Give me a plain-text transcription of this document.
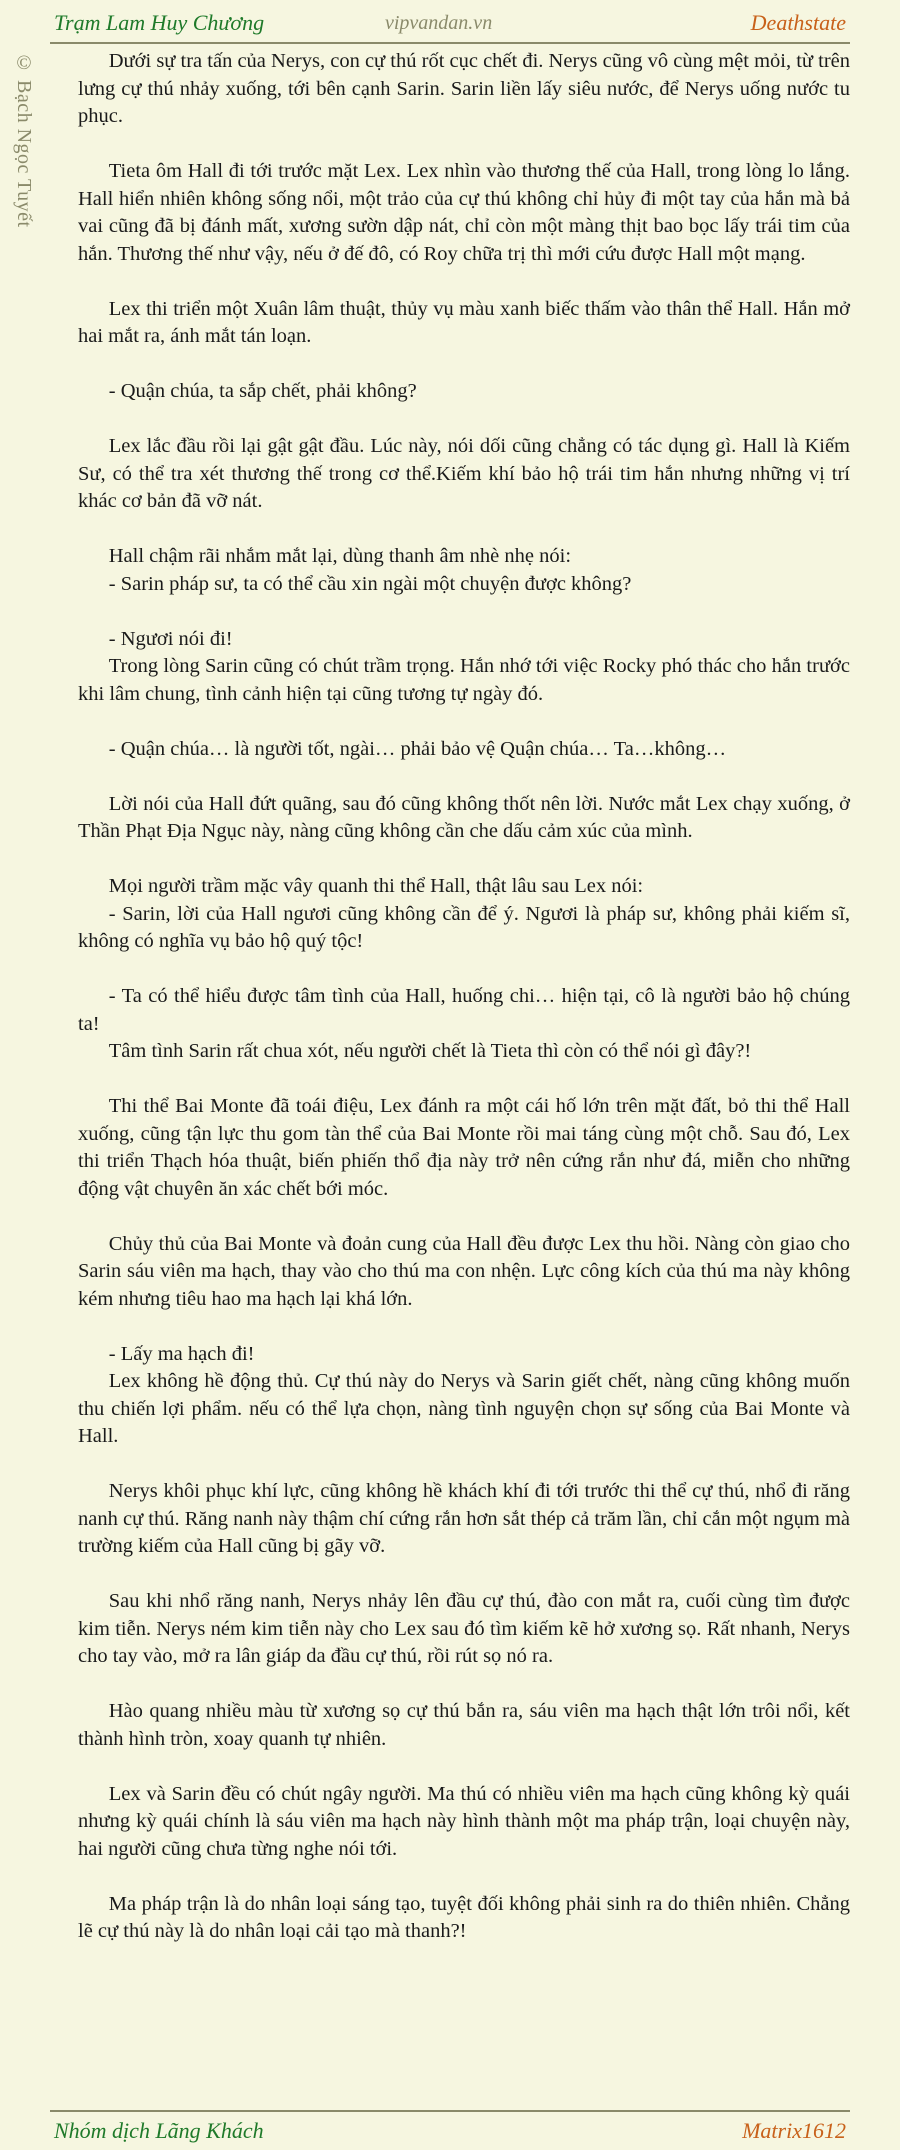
Trạm Lam Huy Chương	vipvandan.vn	Deathstate
© Bạch Ngọc Tuyết	Dưới sự tra tấn của Nerys, con cự thú rốt cục chết đi. Nerys cũng vô cùng mệt mỏi, từ trên lưng cự thú nhảy xuống, tới bên cạnh Sarin. Sarin liền lấy siêu nước, để Nerys uống nước tu phục.

Tieta ôm Hall đi tới trước mặt Lex. Lex nhìn vào thương thế của Hall, trong lòng lo lắng. Hall hiển nhiên không sống nổi, một trảo của cự thú không chỉ hủy đi một tay của hắn mà bả vai cũng đã bị đánh mất, xương sườn dập nát, chỉ còn một màng thịt bao bọc lấy trái tim của hắn. Thương thế như vậy, nếu ở đế đô, có Roy chữa trị thì mới cứu được Hall một mạng.

Lex thi triển một Xuân lâm thuật, thủy vụ màu xanh biếc thấm vào thân thể Hall. Hắn mở hai mắt ra, ánh mắt tán loạn.

- Quận chúa, ta sắp chết, phải không?

Lex lắc đầu rồi lại gật gật đầu. Lúc này, nói dối cũng chẳng có tác dụng gì. Hall là Kiếm Sư, có thể tra xét thương thế trong cơ thể.Kiếm khí bảo hộ trái tim hắn nhưng những vị trí khác cơ bản đã vỡ nát.

Hall chậm rãi nhắm mắt lại, dùng thanh âm nhè nhẹ nói:

- Sarin pháp sư, ta có thể cầu xin ngài một chuyện được không?

- Ngươi nói đi!

Trong lòng Sarin cũng có chút trầm trọng. Hắn nhớ tới việc Rocky phó thác cho hắn trước khi lâm chung, tình cảnh hiện tại cũng tương tự ngày đó.

- Quận chúa… là người tốt, ngài… phải bảo vệ Quận chúa… Ta…không…

Lời nói của Hall đứt quãng, sau đó cũng không thốt nên lời. Nước mắt Lex chạy xuống, ở Thần Phạt Địa Ngục này, nàng cũng không cần che dấu cảm xúc của mình.

Mọi người trầm mặc vây quanh thi thể Hall, thật lâu sau Lex nói:

- Sarin, lời của Hall ngươi cũng không cần để ý. Ngươi là pháp sư, không phải kiếm sĩ, không có nghĩa vụ bảo hộ quý tộc!

- Ta có thể hiểu được tâm tình của Hall, huống chi… hiện tại, cô là người bảo hộ chúng ta!

Tâm tình Sarin rất chua xót, nếu người chết là Tieta thì còn có thể nói gì đây?!

Thi thể Bai Monte đã toái điệu, Lex đánh ra một cái hố lớn trên mặt đất, bỏ thi thể Hall xuống, cũng tận lực thu gom tàn thể của Bai Monte rồi mai táng cùng một chỗ. Sau đó, Lex thi triển Thạch hóa thuật, biến phiến thổ địa này trở nên cứng rắn như đá, miễn cho những động vật chuyên ăn xác chết bới móc.

Chủy thủ của Bai Monte và đoản cung của Hall đều được Lex thu hồi. Nàng còn giao cho Sarin sáu viên ma hạch, thay vào cho thú ma con nhện. Lực công kích của thú ma này không kém nhưng tiêu hao ma hạch lại khá lớn.

- Lấy ma hạch đi!

Lex không hề động thủ. Cự thú này do Nerys và Sarin giết chết, nàng cũng không muốn thu chiến lợi phẩm. nếu có thể lựa chọn, nàng tình nguyện chọn sự sống của Bai Monte và Hall.

Nerys khôi phục khí lực, cũng không hề khách khí đi tới trước thi thể cự thú, nhổ đi răng nanh cự thú. Răng nanh này thậm chí cứng rắn hơn sắt thép cả trăm lần, chỉ cắn một ngụm mà trường kiếm của Hall cũng bị gãy vỡ.

Sau khi nhổ răng nanh, Nerys nhảy lên đầu cự thú, đào con mắt ra, cuối cùng tìm được kim tiễn. Nerys ném kim tiễn này cho Lex sau đó tìm kiếm kẽ hở xương sọ. Rất nhanh, Nerys cho tay vào, mở ra lân giáp da đầu cự thú, rồi rút sọ nó ra.

Hào quang nhiều màu từ xương sọ cự thú bắn ra, sáu viên ma hạch thật lớn trôi nổi, kết thành hình tròn, xoay quanh tự nhiên.

Lex và Sarin đều có chút ngây người. Ma thú có nhiều viên ma hạch cũng không kỳ quái nhưng kỳ quái chính là sáu viên ma hạch này hình thành một ma pháp trận, loại chuyện này, hai người cũng chưa từng nghe nói tới.

Ma pháp trận là do nhân loại sáng tạo, tuyệt đối không phải sinh ra do thiên nhiên. Chẳng lẽ cự thú này là do nhân loại cải tạo mà thanh?!

Nhóm dịch Lãng Khách	Matrix1612
